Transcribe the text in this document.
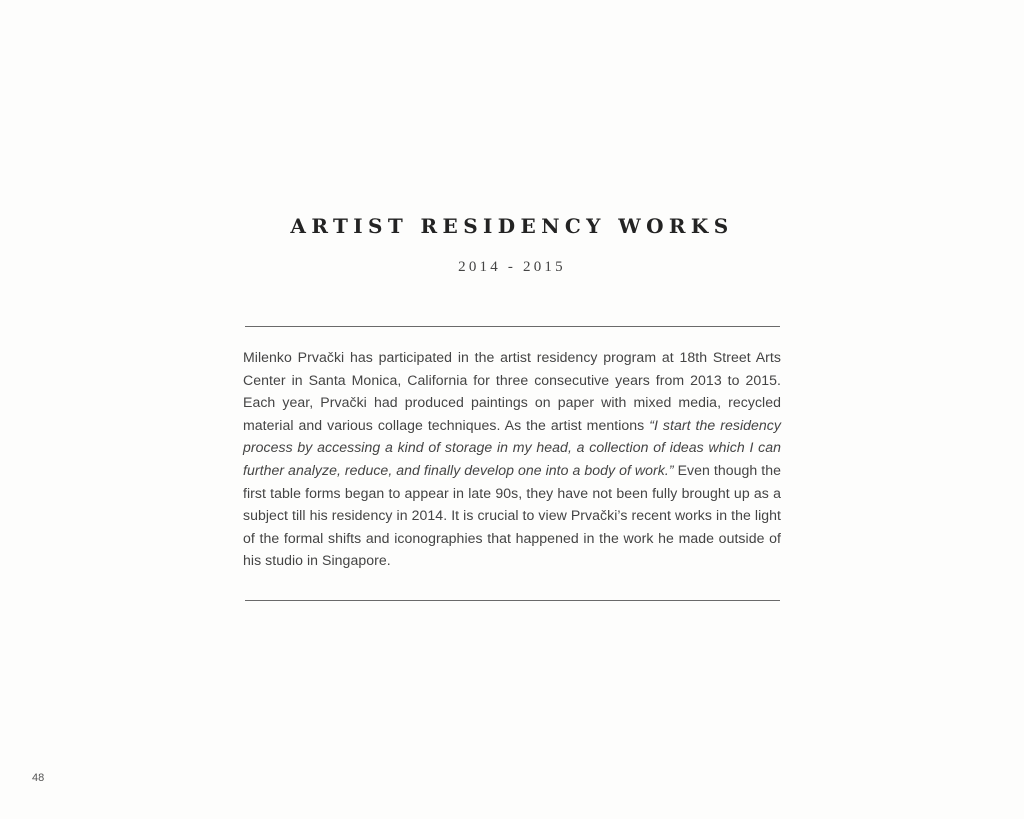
ARTIST RESIDENCY WORKS

2014 - 2015

Milenko Prvački has participated in the artist residency program at 18th Street Arts Center in Santa Monica, California for three consecutive years from 2013 to 2015. Each year, Prvački had produced paintings on paper with mixed media, recycled material and various collage techniques. As the artist mentions “I start the residency process by accessing a kind of storage in my head, a collection of ideas which I can further analyze, reduce, and finally develop one into a body of work.” Even though the first table forms began to appear in late 90s, they have not been fully brought up as a subject till his residency in 2014. It is crucial to view Prvački’s recent works in the light of the formal shifts and iconographies that happened in the work he made outside of his studio in Singapore.

48
